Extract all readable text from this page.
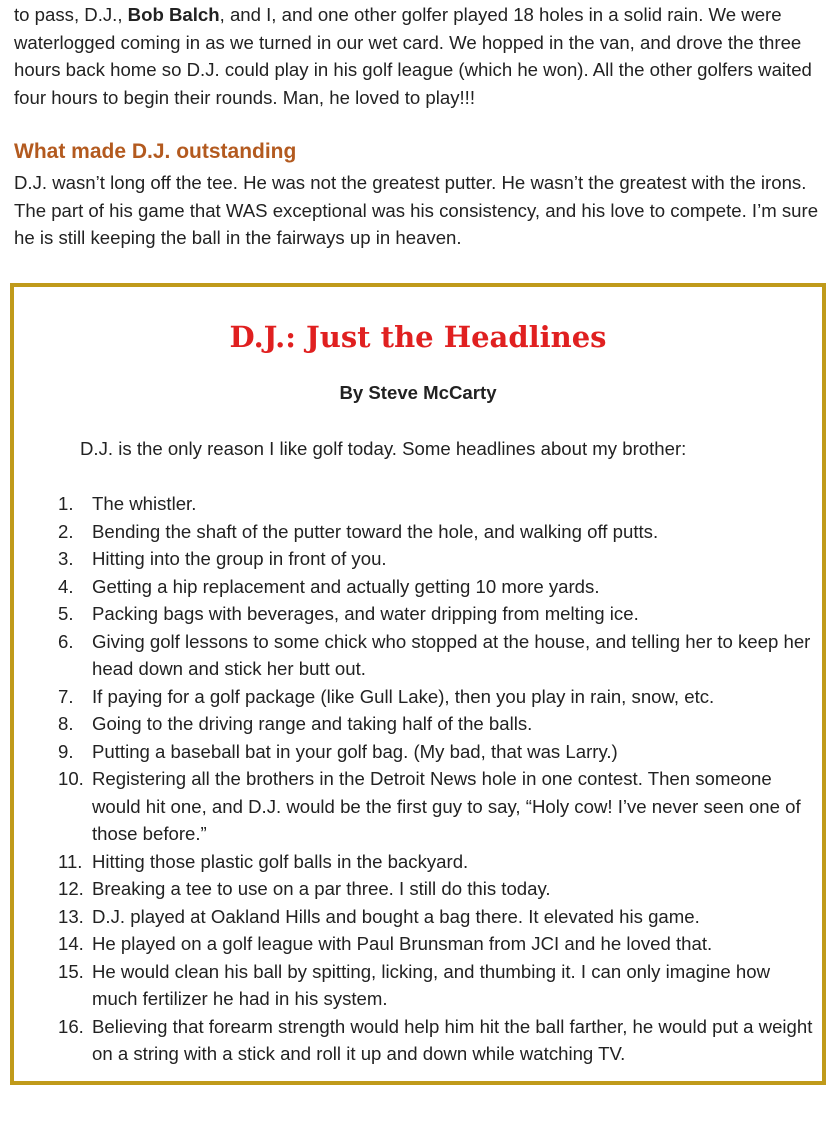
to pass, D.J., Bob Balch, and I, and one other golfer played 18 holes in a solid rain. We were waterlogged coming in as we turned in our wet card. We hopped in the van, and drove the three hours back home so D.J. could play in his golf league (which he won). All the other golfers waited four hours to begin their rounds. Man, he loved to play!!!

What made D.J. outstanding

D.J. wasn’t long off the tee. He was not the greatest putter. He wasn’t the greatest with the irons. The part of his game that WAS exceptional was his consistency, and his love to compete. I’m sure he is still keeping the ball in the fairways up in heaven.

D.J.: Just the Headlines

By Steve McCarty

D.J. is the only reason I like golf today. Some headlines about my brother:

1. The whistler.
2. Bending the shaft of the putter toward the hole, and walking off putts.
3. Hitting into the group in front of you.
4. Getting a hip replacement and actually getting 10 more yards.
5. Packing bags with beverages, and water dripping from melting ice.
6. Giving golf lessons to some chick who stopped at the house, and telling her to keep her head down and stick her butt out.
7. If paying for a golf package (like Gull Lake), then you play in rain, snow, etc.
8. Going to the driving range and taking half of the balls.
9. Putting a baseball bat in your golf bag. (My bad, that was Larry.)
10. Registering all the brothers in the Detroit News hole in one contest. Then someone would hit one, and D.J. would be the first guy to say, “Holy cow! I’ve never seen one of those before.”
11. Hitting those plastic golf balls in the backyard.
12. Breaking a tee to use on a par three. I still do this today.
13. D.J. played at Oakland Hills and bought a bag there. It elevated his game.
14. He played on a golf league with Paul Brunsman from JCI and he loved that.
15. He would clean his ball by spitting, licking, and thumbing it. I can only imagine how much fertilizer he had in his system.
16. Believing that forearm strength would help him hit the ball farther, he would put a weight on a string with a stick and roll it up and down while watching TV.
